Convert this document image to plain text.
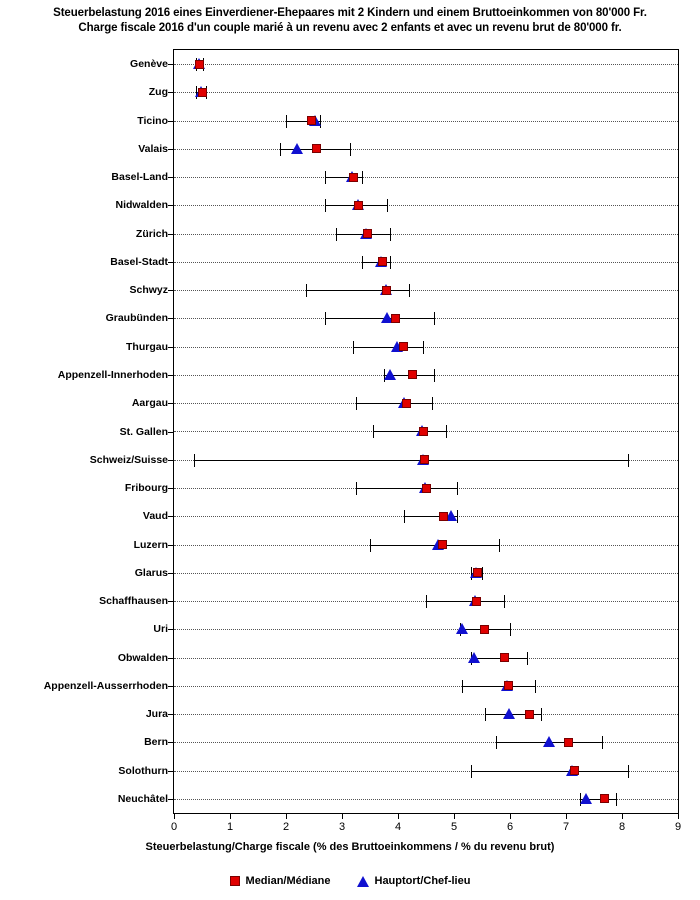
Steuerbelastung 2016 eines Einverdiener-Ehepaares mit 2 Kindern und einem Bruttoeinkommen von 80'000 Fr.
Charge fiscale 2016 d'un couple marié à un revenu avec 2 enfants et avec un revenu brut de 80'000 fr.
Genève
Zug
Ticino
Valais
Basel-Land
Nidwalden
Zürich
Basel-Stadt
Schwyz
Graubünden
Thurgau
Appenzell-Innerhoden
Aargau
St. Gallen
Schweiz/Suisse
Fribourg
Vaud
Luzern
Glarus
Schaffhausen
Uri
Obwalden
Appenzell-Ausserrhoden
Jura
Bern
Solothurn
Neuchâtel
0	1	2	3	4	5	6	7	8	9
Steuerbelastung/Charge fiscale (% des Bruttoeinkommens / % du revenu brut)
Median/Médiane	Hauptort/Chef-lieu
